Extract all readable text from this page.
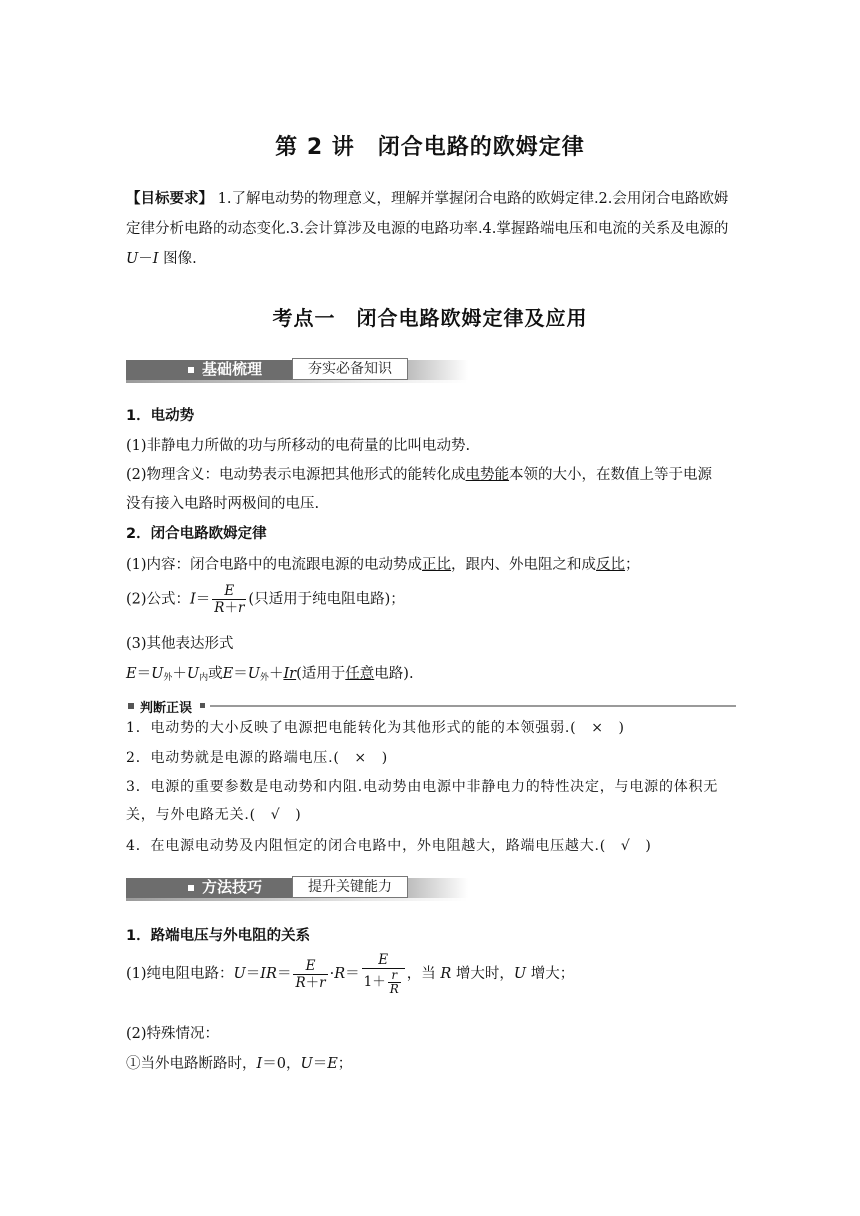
第 2 讲　闭合电路的欧姆定律
【目标要求】 1.了解电动势的物理意义，理解并掌握闭合电路的欧姆定律.2.会用闭合电路欧姆定律分析电路的动态变化.3.会计算涉及电源的电路功率.4.掌握路端电压和电流的关系及电源的 U－I 图像.
考点一　闭合电路欧姆定律及应用
基础梳理	夯实必备知识
1．电动势
(1)非静电力所做的功与所移动的电荷量的比叫电动势.
(2)物理含义：电动势表示电源把其他形式的能转化成电势能本领的大小，在数值上等于电源
没有接入电路时两极间的电压.
2．闭合电路欧姆定律
(1)内容：闭合电路中的电流跟电源的电动势成正比，跟内、外电阻之和成反比；
(2)公式：$I= \frac{E}{R+r}$ (只适用于纯电阻电路)；
(3)其他表达形式
$E=U_外+U_内$或$E=U_外+Ir$(适用于任意电路).
判断正误
1．电动势的大小反映了电源把电能转化为其他形式的能的本领强弱.(　×　)
2．电动势就是电源的路端电压.(　×　)
3．电源的重要参数是电动势和内阻.电动势由电源中非静电力的特性决定，与电源的体积无关，与外电路无关.(　√　)
4．在电源电动势及内阻恒定的闭合电路中，外电阻越大，路端电压越大.(　√　)
方法技巧	提升关键能力
1．路端电压与外电阻的关系
(1)纯电阻电路：$U=IR= \frac{E}{R+r} \cdot R= \frac{E}{1+ \frac{r}{R}}$ ，当 R 增大时，U 增大；
(2)特殊情况：
①当外电路断路时，I＝0，U＝E；
